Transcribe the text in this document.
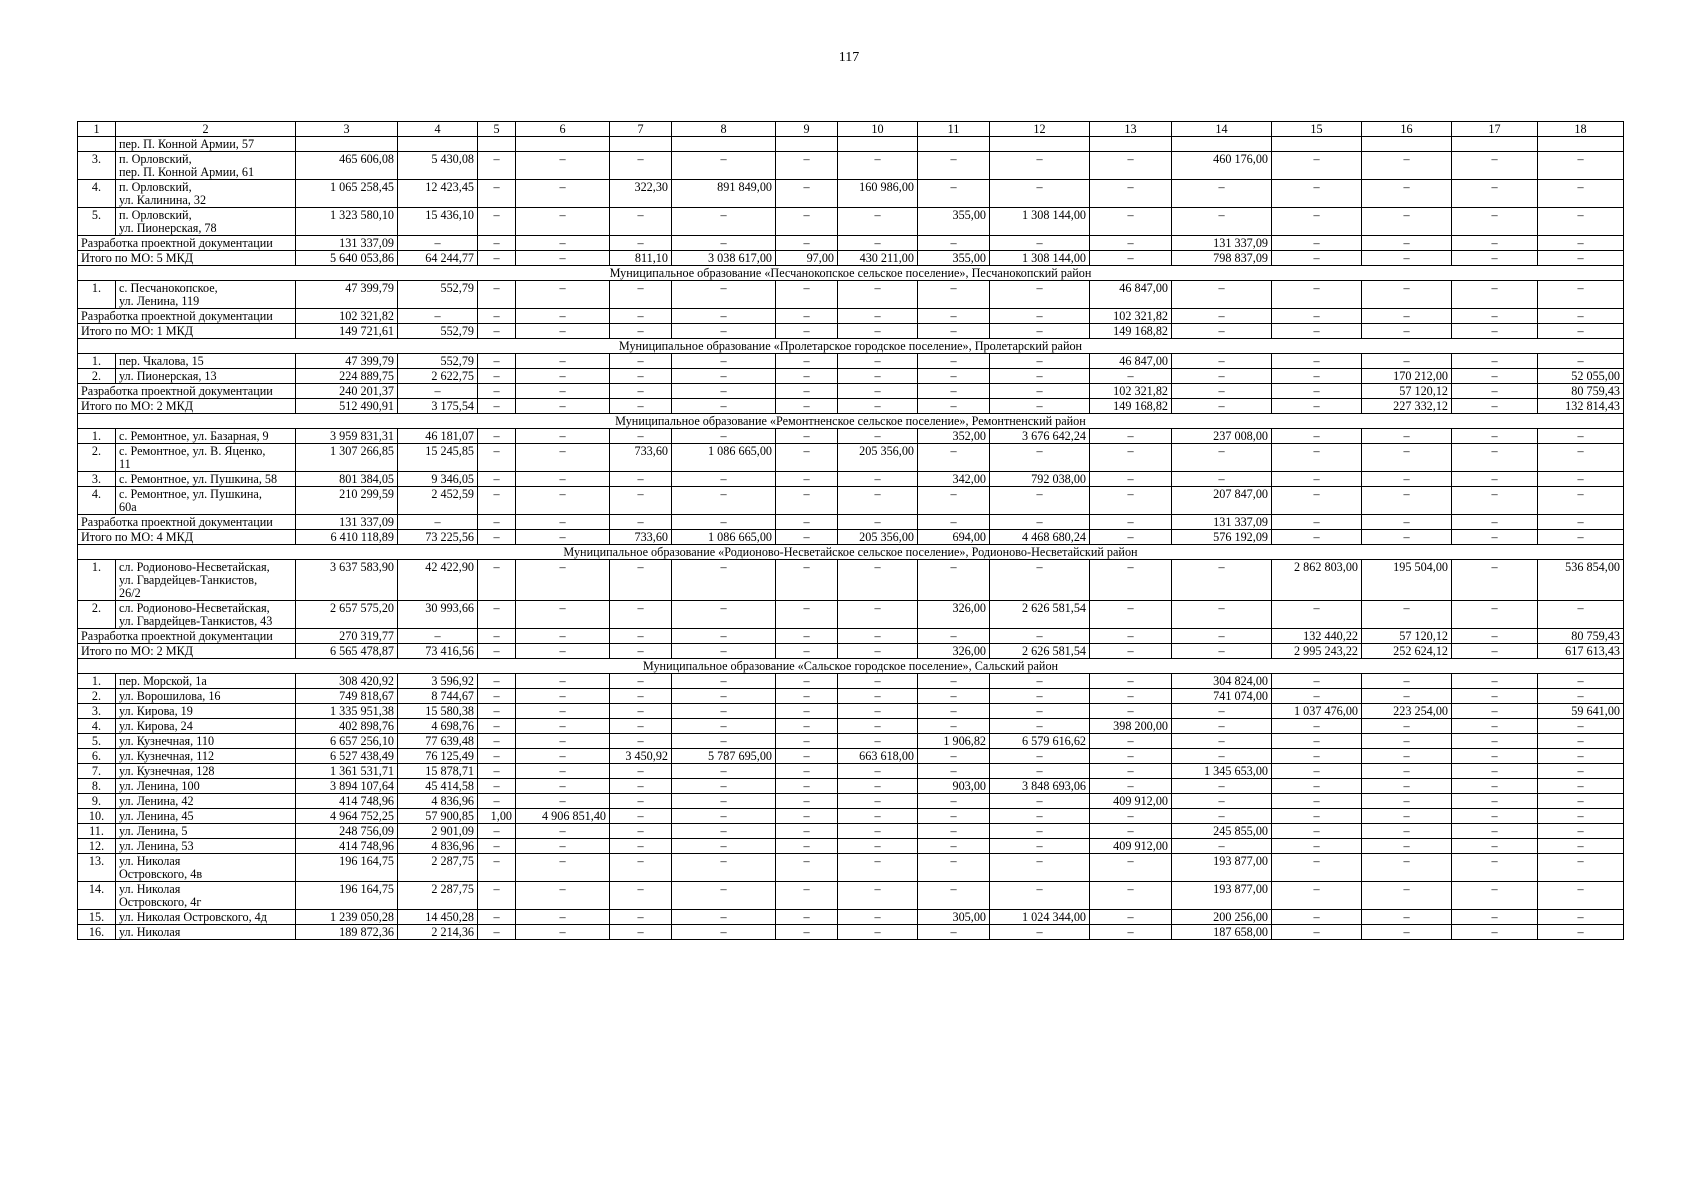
117
1	2	3	4	5	6	7	8	9	10	11	12	13	14	15	16	17	18
	пер. П. Конной Армии, 57																
3.	п. Орловский,
пер. П. Конной Армии, 61	465 606,08	5 430,08	–	–	–	–	–	–	–	–	–	460 176,00	–	–	–	–
4.	п. Орловский,
ул. Калинина, 32	1 065 258,45	12 423,45	–	–	322,30	891 849,00	–	160 986,00	–	–	–	–	–	–	–	–
5.	п. Орловский,
ул. Пионерская, 78	1 323 580,10	15 436,10	–	–	–	–	–	–	355,00	1 308 144,00	–	–	–	–	–	–
Разработка проектной документации		131 337,09	–	–	–	–	–	–	–	–	–	–	131 337,09	–	–	–	–
Итого по МО: 5 МКД		5 640 053,86	64 244,77	–	–	811,10	3 038 617,00	97,00	430 211,00	355,00	1 308 144,00	–	798 837,09	–	–	–	–
Муниципальное образование «Песчанокопское сельское поселение», Песчанокопский район																	
1.	с. Песчанокопское,
ул. Ленина, 119	47 399,79	552,79	–	–	–	–	–	–	–	–	46 847,00	–	–	–	–	–
Разработка проектной документации		102 321,82	–	–	–	–	–	–	–	–	–	102 321,82	–	–	–	–	–
Итого по МО: 1 МКД		149 721,61	552,79	–	–	–	–	–	–	–	–	149 168,82	–	–	–	–	–
Муниципальное образование «Пролетарское городское поселение», Пролетарский район																	
1.	пер. Чкалова, 15	47 399,79	552,79	–	–	–	–	–	–	–	–	46 847,00	–	–	–	–	–
2.	ул. Пионерская, 13	224 889,75	2 622,75	–	–	–	–	–	–	–	–	–	–	–	170 212,00	–	52 055,00
Разработка проектной документации		240 201,37	–	–	–	–	–	–	–	–	–	102 321,82	–	–	57 120,12	–	80 759,43
Итого по МО: 2 МКД		512 490,91	3 175,54	–	–	–	–	–	–	–	–	149 168,82	–	–	227 332,12	–	132 814,43
Муниципальное образование «Ремонтненское сельское поселение», Ремонтненский район																	
1.	с. Ремонтное, ул. Базарная, 9	3 959 831,31	46 181,07	–	–	–	–	–	–	352,00	3 676 642,24	–	237 008,00	–	–	–	–
2.	с. Ремонтное, ул. В. Яценко,
11	1 307 266,85	15 245,85	–	–	733,60	1 086 665,00	–	205 356,00	–	–	–	–	–	–	–	–
3.	с. Ремонтное, ул. Пушкина, 58	801 384,05	9 346,05	–	–	–	–	–	–	342,00	792 038,00	–	–	–	–	–	–
4.	с. Ремонтное, ул. Пушкина,
60а	210 299,59	2 452,59	–	–	–	–	–	–	–	–	–	207 847,00	–	–	–	–
Разработка проектной документации		131 337,09	–	–	–	–	–	–	–	–	–	–	131 337,09	–	–	–	–
Итого по МО: 4 МКД		6 410 118,89	73 225,56	–	–	733,60	1 086 665,00	–	205 356,00	694,00	4 468 680,24	–	576 192,09	–	–	–	–
Муниципальное образование «Родионово-Несветайское сельское поселение», Родионово-Несветайский район																	
1.	сл. Родионово-Несветайская,
ул. Гвардейцев-Танкистов,
26/2	3 637 583,90	42 422,90	–	–	–	–	–	–	–	–	–	–	2 862 803,00	195 504,00	–	536 854,00
2.	сл. Родионово-Несветайская,
ул. Гвардейцев-Танкистов, 43	2 657 575,20	30 993,66	–	–	–	–	–	–	326,00	2 626 581,54	–	–	–	–	–	–
Разработка проектной документации		270 319,77	–	–	–	–	–	–	–	–	–	–	–	132 440,22	57 120,12	–	80 759,43
Итого по МО: 2 МКД		6 565 478,87	73 416,56	–	–	–	–	–	–	326,00	2 626 581,54	–	–	2 995 243,22	252 624,12	–	617 613,43
Муниципальное образование «Сальское городское поселение», Сальский район																	
1.	пер. Морской, 1а	308 420,92	3 596,92	–	–	–	–	–	–	–	–	–	304 824,00	–	–	–	–
2.	ул. Ворошилова, 16	749 818,67	8 744,67	–	–	–	–	–	–	–	–	–	741 074,00	–	–	–	–
3.	ул. Кирова, 19	1 335 951,38	15 580,38	–	–	–	–	–	–	–	–	–	–	1 037 476,00	223 254,00	–	59 641,00
4.	ул. Кирова, 24	402 898,76	4 698,76	–	–	–	–	–	–	–	–	398 200,00	–	–	–	–	–
5.	ул. Кузнечная, 110	6 657 256,10	77 639,48	–	–	–	–	–	–	1 906,82	6 579 616,62	–	–	–	–	–	–
6.	ул. Кузнечная, 112	6 527 438,49	76 125,49	–	–	3 450,92	5 787 695,00	–	663 618,00	–	–	–	–	–	–	–	–
7.	ул. Кузнечная, 128	1 361 531,71	15 878,71	–	–	–	–	–	–	–	–	–	1 345 653,00	–	–	–	–
8.	ул. Ленина, 100	3 894 107,64	45 414,58	–	–	–	–	–	–	903,00	3 848 693,06	–	–	–	–	–	–
9.	ул. Ленина, 42	414 748,96	4 836,96	–	–	–	–	–	–	–	–	409 912,00	–	–	–	–	–
10.	ул. Ленина, 45	4 964 752,25	57 900,85	1,00	4 906 851,40	–	–	–	–	–	–	–	–	–	–	–	–
11.	ул. Ленина, 5	248 756,09	2 901,09	–	–	–	–	–	–	–	–	–	245 855,00	–	–	–	–
12.	ул. Ленина, 53	414 748,96	4 836,96	–	–	–	–	–	–	–	–	409 912,00	–	–	–	–	–
13.	ул. Николая
Островского, 4в	196 164,75	2 287,75	–	–	–	–	–	–	–	–	–	193 877,00	–	–	–	–
14.	ул. Николая
Островского, 4г	196 164,75	2 287,75	–	–	–	–	–	–	–	–	–	193 877,00	–	–	–	–
15.	ул. Николая Островского, 4д	1 239 050,28	14 450,28	–	–	–	–	–	–	305,00	1 024 344,00	–	200 256,00	–	–	–	–
16.	ул. Николая	189 872,36	2 214,36	–	–	–	–	–	–	–	–	–	187 658,00	–	–	–	–
